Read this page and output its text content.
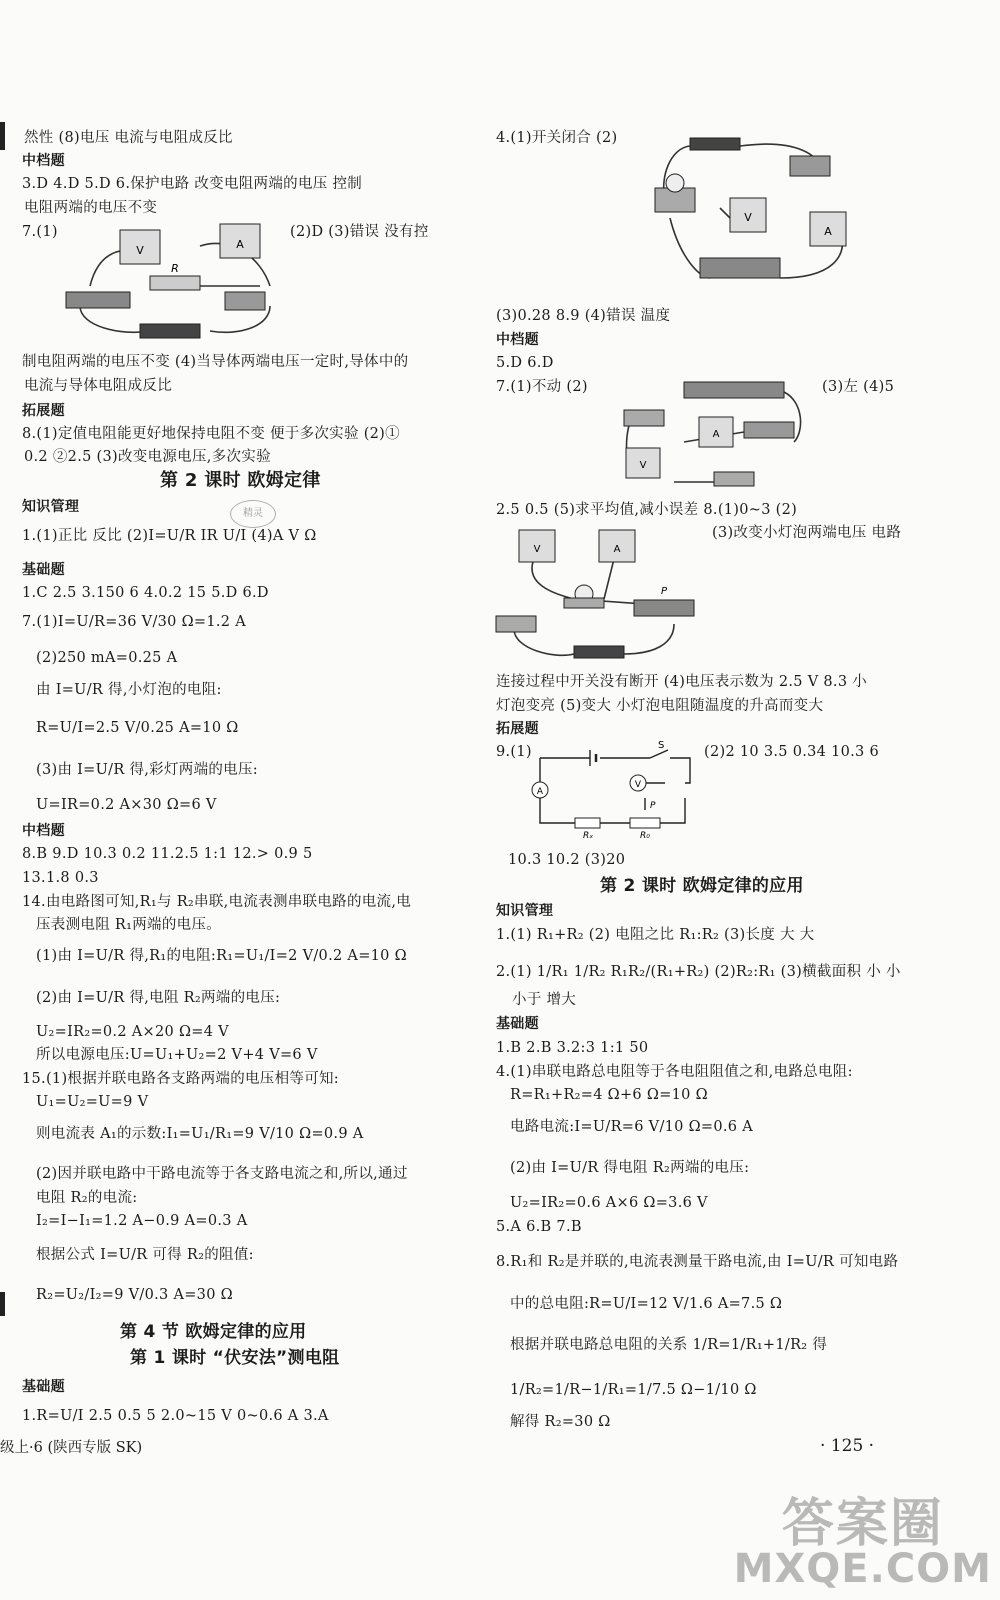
然性 (8)电压 电流与电阻成反比
中档题
3.D 4.D 5.D 6.保护电路 改变电阻两端的电压 控制
电阻两端的电压不变
7.(1)	(2)D (3)错误 没有控
制电阻两端的电压不变 (4)当导体两端电压一定时,导体中的
电流与导体电阻成反比
拓展题
8.(1)定值电阻能更好地保持电阻不变 便于多次实验 (2)①
0.2 ②2.5 (3)改变电源电压,多次实验
第 2 课时 欧姆定律
知识管理
1.(1)正比 反比 (2)I=U/R IR U/I (4)A V Ω
基础题
1.C 2.5 3.150 6 4.0.2 15 5.D 6.D
7.(1)I=U/R=36 V/30 Ω=1.2 A
(2)250 mA=0.25 A
由 I=U/R 得,小灯泡的电阻:
R=U/I=2.5 V/0.25 A=10 Ω
(3)由 I=U/R 得,彩灯两端的电压:
U=IR=0.2 A×30 Ω=6 V
中档题
8.B 9.D 10.3 0.2 11.2.5 1:1 12.> 0.9 5
13.1.8 0.3
14.由电路图可知,R₁与 R₂串联,电流表测串联电路的电流,电
压表测电阻 R₁两端的电压。
(1)由 I=U/R 得,R₁的电阻:R₁=U₁/I=2 V/0.2 A=10 Ω
(2)由 I=U/R 得,电阻 R₂两端的电压:
U₂=IR₂=0.2 A×20 Ω=4 V
所以电源电压:U=U₁+U₂=2 V+4 V=6 V
15.(1)根据并联电路各支路两端的电压相等可知:
U₁=U₂=U=9 V
则电流表 A₁的示数:I₁=U₁/R₁=9 V/10 Ω=0.9 A
(2)因并联电路中干路电流等于各支路电流之和,所以,通过
电阻 R₂的电流:
I₂=I−I₁=1.2 A−0.9 A=0.3 A
根据公式 I=U/R 可得 R₂的阻值:
R₂=U₂/I₂=9 V/0.3 A=30 Ω
第 4 节 欧姆定律的应用
第 1 课时 “伏安法”测电阻
基础题
1.R=U/I 2.5 0.5 5 2.0~15 V 0~0.6 A 3.A
4.(1)开关闭合 (2)
(3)0.28 8.9 (4)错误 温度
中档题
5.D 6.D
7.(1)不动 (2)	(3)左 (4)5
2.5 0.5 (5)求平均值,减小误差 8.(1)0~3 (2)
(3)改变小灯泡两端电压 电路
连接过程中开关没有断开 (4)电压表示数为 2.5 V 8.3 小
灯泡变亮 (5)变大 小灯泡电阻随温度的升高而变大
拓展题
9.(1)	(2)2 10 3.5 0.34 10.3 6
10.3 10.2 (3)20
第 2 课时 欧姆定律的应用
知识管理
1.(1) R₁+R₂ (2) 电阻之比 R₁:R₂ (3)长度 大 大
2.(1) 1/R₁ 1/R₂ R₁R₂/(R₁+R₂) (2)R₂:R₁ (3)横截面积 小 小
小于 增大
基础题
1.B 2.B 3.2:3 1:1 50
4.(1)串联电路总电阻等于各电阻阻值之和,电路总电阻:
R=R₁+R₂=4 Ω+6 Ω=10 Ω
电路电流:I=U/R=6 V/10 Ω=0.6 A
(2)由 I=U/R 得电阻 R₂两端的电压:
U₂=IR₂=0.6 A×6 Ω=3.6 V
5.A 6.B 7.B
8.R₁和 R₂是并联的,电流表测量干路电流,由 I=U/R 可知电路
中的总电阻:R=U/I=12 V/1.6 A=7.5 Ω
根据并联电路总电阻的关系 1/R=1/R₁+1/R₂ 得
1/R₂=1/R−1/R₁=1/7.5 Ω−1/10 Ω
解得 R₂=30 Ω
V	A
R
V
A
A
V
V	A
P
S
A
V
Rₓ	R₀
P
级上·6 (陕西专版 SK)	· 125 ·
精灵
答案圈
MXQE.COM
